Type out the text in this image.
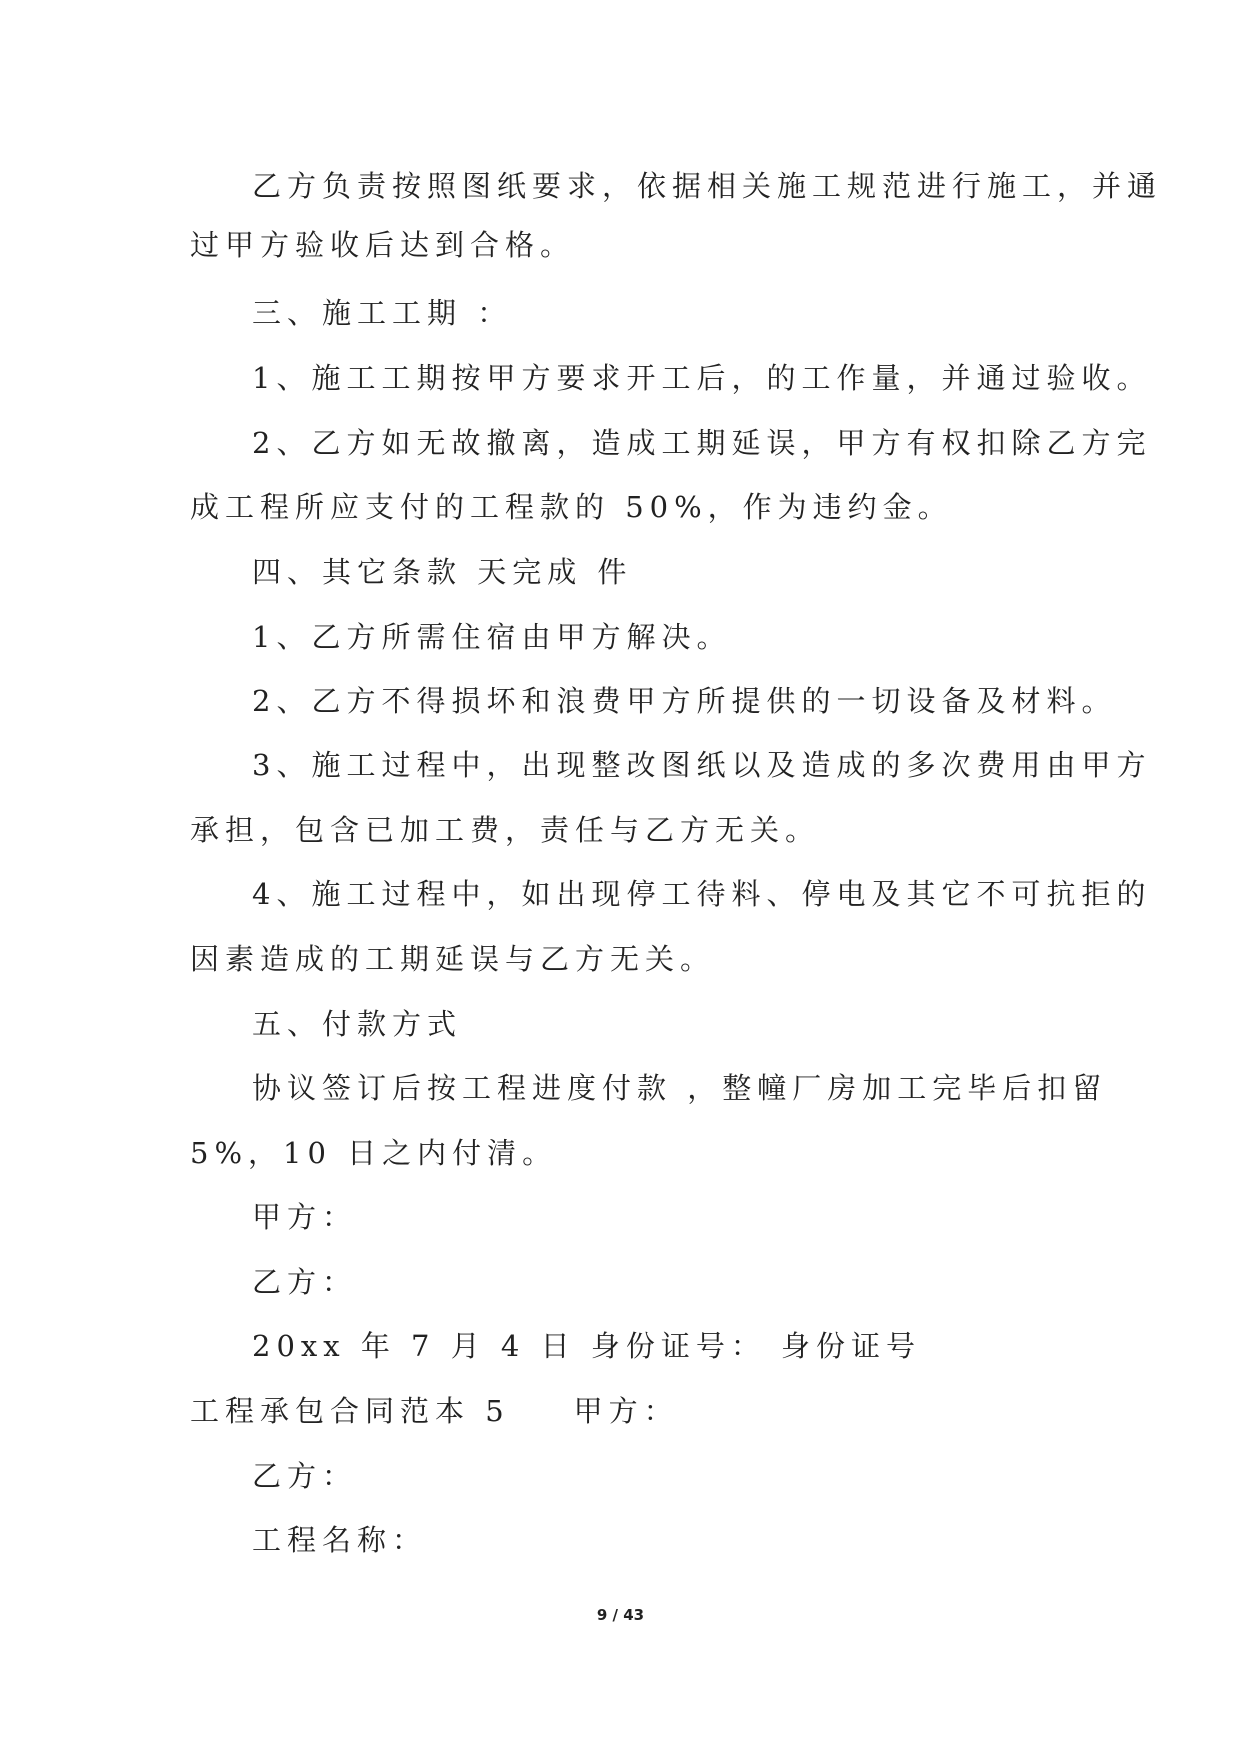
乙方负责按照图纸要求，依据相关施工规范进行施工，并通
过甲方验收后达到合格。
三、施工工期 ：
1、施工工期按甲方要求开工后，的工作量，并通过验收。
2、乙方如无故撤离，造成工期延误，甲方有权扣除乙方完
成工程所应支付的工程款的 50%，作为违约金。
四、其它条款 天完成 件
1、乙方所需住宿由甲方解决。
2、乙方不得损坏和浪费甲方所提供的一切设备及材料。
3、施工过程中，出现整改图纸以及造成的多次费用由甲方
承担，包含已加工费，责任与乙方无关。
4、施工过程中，如出现停工待料、停电及其它不可抗拒的
因素造成的工期延误与乙方无关。
五、付款方式
协议签订后按工程进度付款 ，整幢厂房加工完毕后扣留
5%，10 日之内付清。
甲方：
乙方：
20xx 年 7 月 4 日 身份证号： 身份证号
工程承包合同范本 5 甲方：
乙方：
工程名称：
9 / 43
